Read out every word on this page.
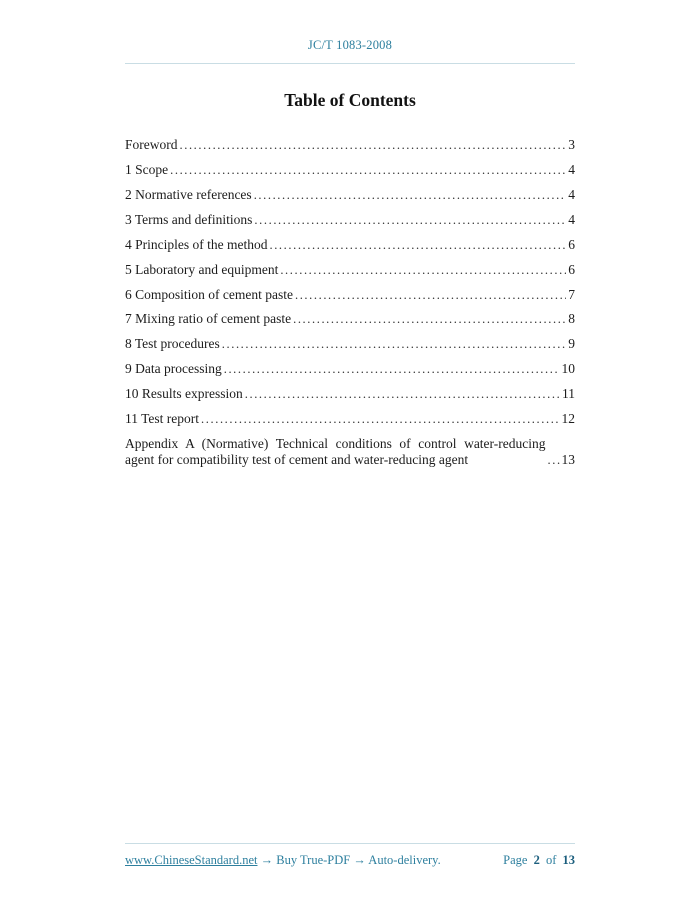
JC/T 1083-2008
Table of Contents
Foreword .....	3
1 Scope .....	4
2 Normative references .....	4
3 Terms and definitions .....	4
4 Principles of the method .....	6
5 Laboratory and equipment .....	6
6 Composition of cement paste .....	7
7 Mixing ratio of cement paste .....	8
8 Test procedures .....	9
9 Data processing .....	10
10 Results expression .....	11
11 Test report .....	12
Appendix A (Normative) Technical conditions of control water-reducing agent for compatibility test of cement and water-reducing agent .....	13
www.ChineseStandard.net → Buy True-PDF → Auto-delivery.	Page 2 of 13
